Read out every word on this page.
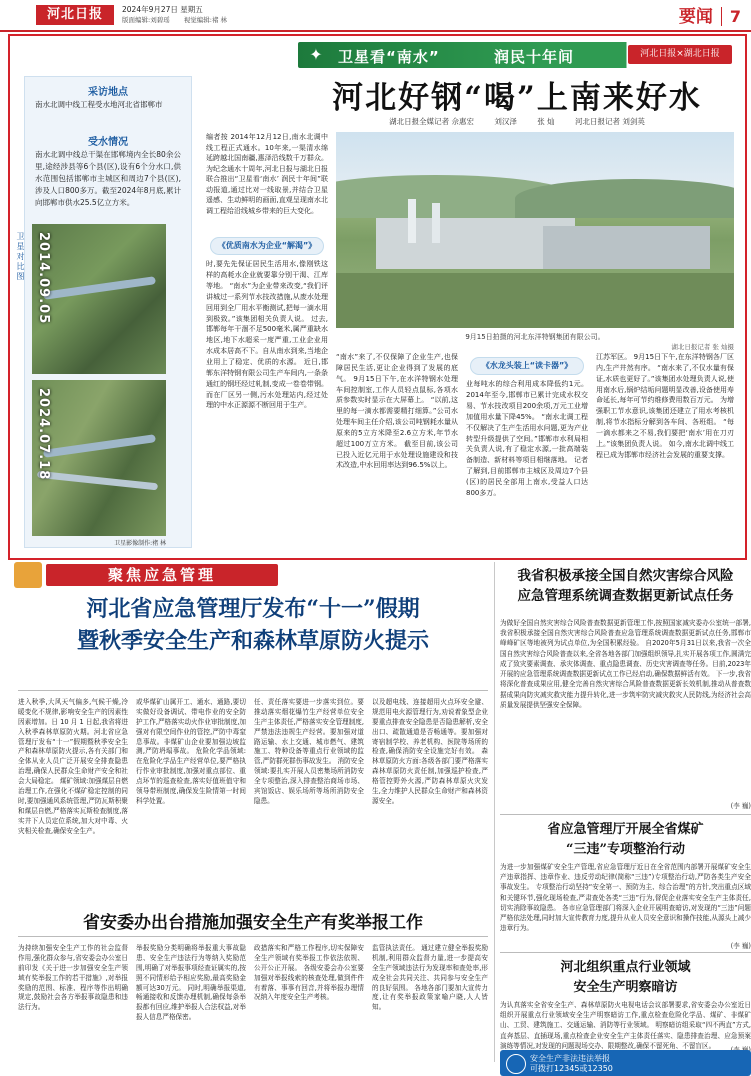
河北日报	2024年9月27日 星期五
版面编辑:刘碧瑶 视觉编辑:褚 林	要闻 7
✦ 卫星看“南水”	润民十年间	河北日报×湖北日报
河北好钢“喝”上南来好水
湖北日报全媒记者 佘惠宏	刘汉泽	张 灿	河北日报记者 刘剑英
采访地点
南水北调中线工程受水地河北省邯郸市
受水情况
南水北调中线总干渠在邯郸境内全长80余公里,途经涉县等6个县(区),设有6个分水口,供水范围包括邯郸市主城区和周边7个县(区),涉及人口800多万。截至2024年8月底,累计向邯郸市供水25.5亿立方米。
卫星对比图 2014.09.05
2024.07.18
卫星影像制作:褚 林
编者按 2014年12月12日,南水北调中线工程正式通水。10年来,一渠清水绵延跨越北国南疆,惠泽沿线数千万群众。为纪念通水十周年,河北日报与湖北日报联合推出“卫星看‘南水’ 润民十年间”联动报道,通过比对一线取景,并结合卫星遥感、生动鲜明的画面,直观呈现南水北调工程给沿线城乡带来的巨大变化。
9月15日拍摄的河北东洋特钢集团有限公司。
湖北日报记者 张 灿摄
《优质南水为企业“解渴”》
时,要先先保证居民生活用水,像刚铁这样的高耗水企业就要靠分别干渴、江库等地。 “南水”为企业带来改变,“我们评讲城过一系列节水技改措施,从废水处理回用到全厂用水平衡测试,把每一滴水用到极致。”该集团相关负责人说。 过去,邯郸每年干涸不足500毫米,属严重缺水地区,地下水超采一度严重,工业企业用水成本居高不下。自从南水到来,当地企业用上了稳定、优质的水源。 近日,邯郸东洋特钢有限公司生产车间内,一条条通红的钢坯经过轧制,变成一卷卷带钢。而在厂区另一侧,污水处理站内,经过处理的中水正源源不断回用于生产。
“南水”来了,不仅保障了企业生产,也保障居民生活,更让企业得到了发展的底气。 9月15日下午,在水洋特钢水处理车间控制室,工作人员轻点鼠标,各项水质参数实时显示在大屏幕上。 “以前,这里的每一滴水都需要精打细算。”公司水处理车间主任介绍,该公司吨钢耗水量从原来的5立方米降至2.6立方米,年节水超过100万立方米。 截至目前,该公司已投入近亿元用于水处理设施建设和技术改造,中水回用率达到96.5%以上。
《水龙头装上“读卡器”》
业每吨水的综合利用成本降低约1元。 2014年至今,邯郸市已累计完成水权交易、节水技改项目200余项,万元工业增加值用水量下降45%。 “南水北调工程不仅解决了生产生活用水问题,更为产业转型升级提供了空间。”邯郸市水利局相关负责人说,有了稳定水源,一批高端装备制造、新材料等项目相继落地。 记者了解到,目前邯郸市主城区及周边7个县(区)的居民全部用上南水,受益人口达800多万。
江苏军区。 9月15日下午,在东洋特钢各厂区内,生产井然有序。 “南水来了,不仅水量有保证,水质也更好了。”该集团水处理负责人说,使用南水后,锅炉结垢问题明显改善,设备使用寿命延长,每年可节约维修费用数百万元。 为增强职工节水意识,该集团还建立了用水考核机制,将节水指标分解到各车间、各班组。 “每一滴水都来之不易,我们要把‘南水’用在刀刃上。”该集团负责人说。 如今,南水北调中线工程已成为邯郸市经济社会发展的重要支撑。
聚焦应急管理
河北省应急管理厅发布“十一”假期
暨秋季安全生产和森林草原防火提示
进入秋季,大风天气偏多,气候干燥,冷暖变化不规律,影响安全生产的因素性因素增加。日 10 月 1 日起,我省将进入秋季森林草原防火期。河北省应急管理厅发布“十一”假期暨秋季安全生产和森林草原防火提示,各有关部门和全体从业人员广泛开展安全排查隐患治理,确保人民群众生命财产安全和社会大局稳定。 煤矿领域:加强煤层自燃治理工作,在强化不煤矿稳定控制的同时,要加强通风系统管理,严防瓦斯积聚和煤层自燃,严格落实瓦斯检查制度,落实井下人员定位系统,加大对中毒、火灾相关检查,确保安全生产。
或华煤矿山属开工、通水、通路,要切实做好设备调试、带电作业的安全防护工作,严格落实动火作业审批制度,加强对有限空间作业的管控,严防中毒窒息事故。非煤矿山企业要加强边坡监测,严防坍塌事故。 危险化学品领域:在危险化学品生产经营单位,要严格执行作业审批制度,加强对重点部位、重点环节的巡查检查,落实好值班值守和领导带班制度,确保发生险情第一时间科学处置。
任、责任落实要进一步落实到位。要推动落实烟花爆竹生产经营单位安全生产主体责任,严格落实安全管理制度,严禁违法违规生产经营。要加强对道路运输、水上交通、城市燃气、建筑施工、特种设备等重点行业领域的监管,严防群死群伤事故发生。 消防安全领域:要扎实开展人员密集场所消防安全专项整治,深入排查整治商场市场、宾馆饭店、娱乐场所等场所消防安全隐患。
以及超电线、连接超用火点环安全避、规范用电火源管理行为,劝说着象型企业要重点排查安全隐患是否隐患解析,安全出口、疏散通道是否畅通等。要加强对寄宿制学校、养老机构、医院等场所的检查,确保消防安全设施完好有效。 森林草原防火方面:各级各部门要严格落实森林草原防火责任制,加强巡护检查,严格管控野外火源,严防森林草原火灾发生,全力维护人民群众生命财产和森林资源安全。
省安委办出台措施加强安全生产有奖举报工作
为持续加强安全生产工作的社会监督作用,强化群众参与,省安委会办公室日前印发《关于进一步加强安全生产领域有奖举报工作的若干措施》,对举报奖励的范围、标准、程序等作出明确规定,鼓励社会各方举报事故隐患和违法行为。
举报奖励分类明确将举报重大事故隐患、安全生产违法行为等纳入奖励范围,明确了对举报事项经查证属实的,按照不同情形给予相应奖励,最高奖励金额可达30万元。 同时,明确举报渠道,畅通接收和反馈办理机制,确保每条举报都有回应,维护举报人合法权益,对举报人信息严格保密。
政措落实和严格工作程序,切实保障安全生产领域有奖举报工作依法依规、公开公正开展。 各级安委会办公室要加强对举报线索的核查处理,做到件件有着落、事事有回音,并将举报办理情况纳入年度安全生产考核。
监管执法责任。 通过建立健全举报奖励机制,利用群众监督力量,进一步提高安全生产领域违法行为发现率和查处率,形成全社会共同关注、共同参与安全生产的良好氛围。 各地各部门要加大宣传力度,让有奖举报政策家喻户晓,人人皆知。
我省积极承接全国自然灾害综合风险
应急管理系统调查数据更新试点任务
为做好全国自然灾害综合风险普查数据更新管理工作,按照国家减灾委办公室统一部署,我省积极承接全国自然灾害综合风险普查应急管理系统调查数据更新试点任务,邯郸市峰峰矿区等地被列为试点单位,为全国积累经验。 自2020年5月31日以来,我省一次全国自然灾害综合风险普查以来,全省各地各部门加强组织领导,扎实开展各项工作,圆满完成了致灾要素调查、承灾体调查、重点隐患调查、历史灾害调查等任务。目前,2023年开展的应急管理系统调查数据更新试点工作已经启动,确保数据鲜活有效。 下一步,我省将深化普查成果应用,健全完善自然灾害综合风险普查数据更新长效机制,推动从普查数据成果向防灾减灾救灾能力提升转化,进一步筑牢防灾减灾救灾人民防线,为经济社会高质量发展提供坚强安全保障。
(李 巍)
省应急管理厅开展全省煤矿
“三违”专项整治行动
为进一步加强煤矿安全生产管理,省应急管理厅近日在全省范围内部署开展煤矿安全生产违章指挥、违章作业、违反劳动纪律(简称“三违”)专项整治行动,严防各类生产安全事故发生。 专项整治行动坚持“安全第一、预防为主、综合治理”的方针,突出重点区域和关键环节,强化现场检查,严肃查处各类“三违”行为,督促企业落实安全生产主体责任,切实消除事故隐患。 各市应急管理部门将深入企业开展明查暗访,对发现的“三违”问题严格依法处理,同时加大宣传教育力度,提升从业人员安全意识和操作技能,从源头上减少违章行为。
(李 巍)
河北组织重点行业领域
安全生产明察暗访
为认真落实全省安全生产、森林草原防火电视电话会议部署要求,省安委会办公室近日组织开展重点行业领域安全生产明察暗访工作,重点检查危险化学品、煤矿、非煤矿山、工贸、建筑施工、交通运输、消防等行业领域。 明察暗访组采取“四不两直”方式,直奔基层、直插现场,重点检查企业安全生产主体责任落实、隐患排查治理、应急预案演练等情况,对发现的问题现场交办、限期整改,确保不留死角、不留盲区。
安全生产非法违法举报
可拨打12345或12350
